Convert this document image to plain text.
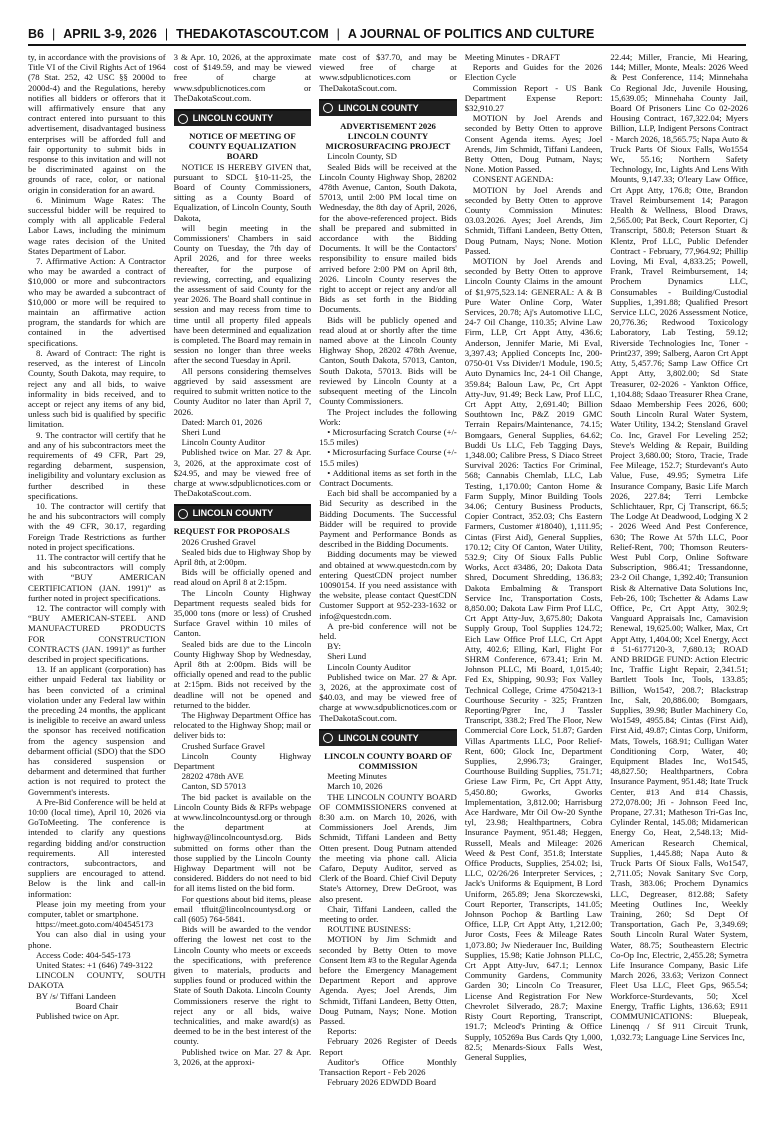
B6 | APRIL 3-9, 2026 | THEDAKOTASCOUT.COM | A JOURNAL OF POLITICS AND CULTURE

ty, in accordance with the provisions of Title VI of the Civil Rights Act of 1964 (78 Stat. 252, 42 USC §§ 2000d to 2000d-4) and the Regulations, hereby notifies all bidders or offerors that it will affirmatively ensure that any contract entered into pursuant to this advertisement, disadvantaged business enterprises will be afforded full and fair opportunity to submit bids in response to this invitation and will not be discriminated against on the grounds of race, color, or national origin in consideration for an award.

6. Minimum Wage Rates: The successful bidder will be required to comply with all applicable Federal Labor Laws, including the minimum wage rates decision of the United States Department of Labor.

7. Affirmative Action: A Contractor who may be awarded a contract of $10,000 or more and subcontractors who may be awarded a subcontract of $10,000 or more will be required to maintain an affirmative action program, the standards for which are contained in the advertised specifications.

8. Award of Contract: The right is reserved, as the interest of Lincoln County, South Dakota, may require, to reject any and all bids, to waive informality in bids received, and to accept or reject any items of any bid, unless such bid is qualified by specific limitation.

9. The contractor will certify that he and any of his subcontractors meet the requirements of 49 CFR, Part 29, regarding debarment, suspension, ineligibility and voluntary exclusion as further described in these specifications.

10. The contractor will certify that he and his subcontractors will comply with the 49 CFR, 30.17, regarding Foreign Trade Restrictions as further noted in project specifications.

11. The contractor will certify that he and his subcontractors will comply with “BUY AMERICAN CERTIFICATION (JAN. 1991)” as further noted in project specifications.

12. The contractor will comply with “BUY AMERICAN-STEEL AND MANUFACTURED PRODUCTS FOR CONSTRUCTION CONTRACTS (JAN. 1991)” as further described in project specifications.

13. If an applicant (corporation) has either unpaid Federal tax liability or has been convicted of a criminal violation under any Federal law within the preceding 24 months, the applicant is ineligible to receive an award unless the sponsor has received notification from the agency suspension and debarment official (SDO) that the SDO has considered suspension or debarment and determined that further action is not required to protect the Government's interests.

A Pre-Bid Conference will be held at 10:00 (local time), April 10, 2026 via GoToMeeting. The conference is intended to clarify any questions regarding bidding and/or construction requirements. All interested contractors, subcontractors, and suppliers are encouraged to attend. Below is the link and call-in information:

Please join my meeting from your computer, tablet or smartphone.

https://meet.goto.com/404545173

You can also dial in using your phone.

Access Code: 404-545-173

United States: +1 (646) 749-3122

LINCOLN COUNTY, SOUTH DAKOTA

BY /s/ Tiffani Landeen

Board Chair

Published twice on Apr.

3 & Apr. 10, 2026, at the approximate cost of $149.59, and may be viewed free of charge at www.sdpublicnotices.com or TheDakotaScout.com.

LINCOLN COUNTY

NOTICE OF MEETING OF COUNTY EQUALIZATION BOARD

NOTICE IS HEREBY GIVEN that, pursuant to SDCL §10-11-25, the Board of County Commissioners, sitting as a County Board of Equalization, of Lincoln County, South Dakota,

will begin meeting in the Commissioners' Chambers in said County on Tuesday, the 7th day of April 2026, and for three weeks thereafter, for the purpose of reviewing, correcting, and equalizing the assessment of said County for the year 2026. The Board shall continue in session and may recess from time to time until all property filed appeals have been determined and equalization is completed. The Board may remain in session no longer than three weeks after the second Tuesday in April.

All persons considering themselves aggrieved by said assessment are required to submit written notice to the County Auditor no later than April 7, 2026.

Dated: March 01, 2026

Sheri Lund

Lincoln County Auditor

Published twice on Mar. 27 & Apr. 3, 2026, at the approximate cost of $24.95, and may be viewed free of charge at www.sdpublicnotices.com or TheDakotaScout.com.

LINCOLN COUNTY

REQUEST FOR PROPOSALS

2026 Crushed Gravel

Sealed bids due to Highway Shop by April 8th, at 2:00pm.

Bids will be officially opened and read aloud on April 8 at 2:15pm.

The Lincoln County Highway Department requests sealed bids for 35,000 tons (more or less) of Crushed Surface Gravel within 10 miles of Canton.

Sealed bids are due to the Lincoln County Highway Shop by Wednesday, April 8th at 2:00pm. Bids will be officially opened and read to the public at 2:15pm. Bids not received by the deadline will not be opened and returned to the bidder.

The Highway Department Office has relocated to the Highway Shop; mail or deliver bids to:

Crushed Surface Gravel

Lincoln County Highway Department

28202 478th AVE

Canton, SD 57013

The bid packet is available on the Lincoln County Bids & RFPs webpage at www.lincolncountysd.org or through the department at highway@lincolncountysd.org. Bids submitted on forms other than the those supplied by the Lincoln County Highway Department will not be considered. Bidders do not need to bid for all items listed on the bid form.

For questions about bid items, please email tfluit@lincolncountysd.org or call (605) 764-5841.

Bids will be awarded to the vendor offering the lowest net cost to the Lincoln County who meets or exceeds the specifications, with preference given to materials, products and supplies found or produced within the State of South Dakota. Lincoln County Commissioners reserve the right to reject any or all bids, waive technicalities, and make award(s) as deemed to be in the best interest of the county.

Published twice on Mar. 27 & Apr. 3, 2026, at the approxi-

mate cost of $37.70, and may be viewed free of charge at www.sdpublicnotices.com or TheDakotaScout.com.

LINCOLN COUNTY

ADVERTISEMENT 2026 LINCOLN COUNTY MICROSURFACING PROJECT

Lincoln County, SD

Sealed Bids will be received at the Lincoln County Highway Shop, 28202 478th Avenue, Canton, South Dakota, 57013, until 2:00 PM local time on Wednesday, the 8th day of April, 2026, for the above-referenced project. Bids shall be prepared and submitted in accordance with the Bidding Documents. It will be the Contactors' responsibility to ensure mailed bids arrived before 2:00 PM on April 8th, 2026. Lincoln County reserves the right to accept or reject any and/or all Bids as set forth in the Bidding Documents.

Bids will be publicly opened and read aloud at or shortly after the time named above at the Lincoln County Highway Shop, 28202 478th Avenue, Canton, South Dakota, 57013, Canton, South Dakota, 57013. Bids will be reviewed by Lincoln County at a subsequent meeting of the Lincoln County Commissioners.

The Project includes the following Work:

• Microsurfacing Scratch Course (+/- 15.5 miles)

• Microsurfacing Surface Course (+/- 15.5 miles)

• Additional items as set forth in the Contract Documents.

Each bid shall be accompanied by a Bid Security as described in the Bidding Documents. The Successful Bidder will be required to provide Payment and Performance Bonds as described in the Bidding Documents.

Bidding documents may be viewed and obtained at www.questcdn.com by entering QuestCDN project number 10090154. If you need assistance with the website, please contact QuestCDN Customer Support at 952-233-1632 or info@questcdn.com.

A pre-bid conference will not be held.

BY:

Sheri Lund

Lincoln County Auditor

Published twice on Mar. 27 & Apr. 3, 2026, at the approximate cost of $40.03, and may be viewed free of charge at www.sdpublicnotices.com or TheDakotaScout.com.

LINCOLN COUNTY

LINCOLN COUNTY BOARD OF COMMISSION

Meeting Minutes

March 10, 2026

THE LINCOLN COUNTY BOARD OF COMMISSIONERS convened at 8:30 a.m. on March 10, 2026, with Commissioners Joel Arends, Jim Schmidt, Tiffani Landeen and Betty Otten present. Doug Putnam attended the meeting via phone call. Alicia Cafaro, Deputy Auditor, served as Clerk of the Board. Chief Civil Deputy State's Attorney, Drew DeGroot, was also present.

Chair, Tiffani Landeen, called the meeting to order.

ROUTINE BUSINESS:

MOTION by Jim Schmidt and seconded by Betty Otten to move Consent Item #3 to the Regular Agenda before the Emergency Management Department Report and approve Agenda. Ayes; Joel Arends, Jim Schmidt, Tiffani Landeen, Betty Otten, Doug Putnam, Nays; None. Motion Passed.

Reports:

February 2026 Register of Deeds Report

Auditor's Office Monthly Transaction Report - Feb 2026

February 2026 EDWDD Board

Meeting Minutes - DRAFT

Reports and Guides for the 2026 Election Cycle

Commission Report - US Bank Department Expense Report: $32,910.27

MOTION by Joel Arends and seconded by Betty Otten to approve Consent Agenda items. Ayes; Joel Arends, Jim Schmidt, Tiffani Landeen, Betty Otten, Doug Putnam, Nays; None. Motion Passed.

CONSENT AGENDA:

MOTION by Joel Arends and seconded by Betty Otten to approve County Commission Minutes: 03.03.2026. Ayes; Joel Arends, Jim Schmidt, Tiffani Landeen, Betty Otten, Doug Putnam, Nays; None. Motion Passed.

MOTION by Joel Arends and seconded by Betty Otten to approve Lincoln County Claims in the amount of $1,975,523.14: GENERAL: A & B Pure Water Online Corp, Water Services, 20.78; Aj's Automotive LLC, 24-7 Oil Change, 110.35; Alvine Law Firm, LLP, Crt Appt Atty, 436.6; Anderson, Jennifer Marie, Mi Eval, 3,397.43; Applied Concepts Inc, 200-0750-01 Vss Divider/1 Module, 190.5; Auto Dynamics Inc, 24-1 Oil Change, 359.84; Baloun Law, Pc, Crt Appt Atty-Juv, 91.49; Beck Law, Prof LLC, Crt Appt Atty, 2,691.40; Billion Southtown Inc, P&Z 2019 GMC Terrain Repairs/Maintenance, 74.15; Bomgaars, General Supplies, 64.62; Buddi Us LLC, Feb Tagging Days, 1,348.00; Calibre Press, S Diaco Street Survival 2026: Tactics For Criminal, 568; Cannabis Chemlab, LLC, Lab Testing, 1,170.00; Canton Home & Farm Supply, Minor Building Tools 34.06; Century Business Products, Copier Contract, 352.03; Chs Eastern Farmers, Customer #18040), 1,111.95; Cintas (First Aid), General Supplies, 170.12; City Of Canton, Water Utility, 532.9; City Of Sioux Falls Public Works, Acct #3486, 20; Dakota Data Shred, Document Shredding, 136.83; Dakota Embalming & Transport Service Inc, Transportation Costs, 8,850.00; Dakota Law Firm Prof LLC, Crt Appt Atty-Juv, 3,675.80; Dakota Supply Group, Tool Supplies 124.72; Eich Law Office Prof LLC, Crt Appt Atty, 402.6; Elling, Karl, Flight For SHRM Conference, 673.41; Erin M. Johnson PLLC, Mi Board, 1,015.40; Fed Ex, Shipping, 90.93; Fox Valley Technical College, Crime 47504213-1 Courthouse Security - 325; Frantzen Reporting/Pgrer Inc, J Tassler Transcript, 338.2; Fred The Floor, New Commercial Core Lock, 51.87; Garden Villas Apartments LLC, Poor Relief-Rent, 600; Glock Inc, Department Supplies, 2,996.73; Grainger, Courthouse Building Supplies, 751.71; Griese Law Firm, Pc, Crt Appt Atty, 5,450.80; Gworks, Gworks Implementation, 3,812.00; Harrisburg Ace Hardware, Mtr Oil Ow-20 Synthe tyl, 23.98; Healthpartners, Cobra Insurance Payment, 951.48; Heggen, Russell, Meals and Mileage: 2026 Weed & Pest Conf, 351.8; Interstate Office Products, Supplies, 254.02; Isi, LLC, 02/26/26 Interpreter Services, ; Jack's Uniforms & Equipment, B Lord Uniform, 265.89; Jena Skorczewski, Court Reporter, Transcripts, 141.05; Johnson Pochop & Bartling Law Office, LLP, Crt Appt Atty, 1,212.00; Juror Costs, Fees & Mileage Rates 1,073.80; Jw Niederauer Inc, Building Supplies, 15.98; Katie Johnson PLLC, Crt Appt Atty-Juv, 647.1; Lennox Community Gardens, Community Garden 30; Lincoln Co Treasurer, License And Registration For New Chevrolet Silverado, 28.7; Maxine Risty Court Reporting, Transcript, 191.7; Mcleod's Printing & Office Supply, 105269a Bus Cards Qty 1,000, 82.5; Menards-Sioux Falls West, General Supplies,

22.44; Miller, Francie, Mi Hearing, 144; Miller, Monte, Meals: 2026 Weed & Pest Conference, 114; Minnehaha Co Regional Jdc, Juvenile Housing, 15,639.05; Minnehaha County Jail, Board Of Prisoners Linc Co 02-2026 Housing Contract, 167,322.04; Myers Billion, LLP, Indigent Persons Contract - March 2026, 18,565.75; Napa Auto & Truck Parts Of Sioux Falls, Wo1554 Wc, 55.16; Northern Safety Technology, Inc, Lights And Lens With Mounts, 9,147.33; O'leary Law Office, Crt Appt Atty, 176.8; Otte, Brandon Travel Reimbursement 14; Paragon Health & Wellness, Blood Draws, 2,565.00; Pat Beck, Court Reporter, Cj Transcript, 580.8; Peterson Stuart & Klentz, Prof LLC, Public Defender Contract - February, 77,964.92; Phillip Loving, Mi Eval, 4,833.25; Powell, Frank, Travel Reimbursement, 14; Prochem Dynamics LLC, Consumables - Building/Custodial Supplies, 1,391.88; Qualified Presort Service LLC, 2026 Assessment Notice, 20,776.36; Redwood Toxicology Laboratory, Lab Testing, 59.12; Riverside Technologies Inc, Toner - Print237, 399; Salberg, Aaron Crt Appt Atty, 5,457.76; Samp Law Office Crt Appt Atty, 3,802.00; Sd State Treasurer, 02-2026 - Yankton Office, 1,104.88; Sdaao Treasurer Rhea Crane, Sdaao Membership Fees 2026, 600; South Lincoln Rural Water System, Water Utility, 134.2; Stensland Gravel Co. Inc, Gravel For Leveling 252; Steve's Welding & Repair, Building Project 3,680.00; Storo, Tracie, Trade Fee Mileage, 152.7; Sturdevant's Auto Value, Fuse, 49.95; Symetra Life Insurance Company, Basic Life March 2026, 227.84; Terri Lembcke Schlichtauer, Rpr, Cj Transcript, 66.5; The Lodge At Deadwood, Lodging X 2 - 2026 Weed And Pest Conference, 630; The Rowe At 57th LLC, Poor Relief-Rent, 700; Thomson Reuters-West Publ Corp, Online Software Subscription, 986.41; Tressandonne, 23-2 Oil Change, 1,392.40; Transunion Risk & Alternative Data Solutions Inc, Feb-26, 100; Tschetter & Adams Law Office, Pc, Crt Appt Atty, 302.9; Vanguard Appraisals Inc, Camavision Renewal, 19,625.00; Walker, Max, Crt Appt Atty, 1,404.00; Xcel Energy, Acct # 51-6177120-3, 7,680.13; ROAD AND BRIDGE FUND: Action Electric Inc, Traffic Light Repair, 2,341.51; Bartlett Tools Inc, Tools, 133.85; Billion, Wo154?, 208.7; Blackstrap Inc, Salt, 20,886.00; Bomgaars, Supplies, 39.98; Butler Machinery Co, Wo1549, 4955.84; Cintas (First Aid), First Aid, 49.87; Cintas Corp, Uniform, Mats, Towels, 168.91; Culligan Water Conditioning Corp, Water, 40; Equipment Blades Inc, Wo1545, 48,827.50; Healthpartners, Cobra Insurance Payment, 951.48; Itate Truck Center, #13 And #14 Chassis, 272,078.00; Jfi - Johnson Feed Inc, Propane, 27.31; Matheson Tri-Gas Inc, Cylinder Rental, 145.08; Midamerican Energy Co, Heat, 2,548.13; Mid-American Research Chemical, Supplies, 1,445.88; Napa Auto & Truck Parts Of Sioux Falls, Wo1547, 2,711.05; Novak Sanitary Svc Corp, Trash, 383.06; Prochem Dynamics LLC, Degreaser, 812.88; Safety Meeting Outlines Inc, Weekly Training, 260; Sd Dept Of Transportation, Gach Pe, 3,349.69; South Lincoln Rural Water System, Water, 88.75; Southeastern Electric Co-Op Inc, Electric, 2,455.28; Symetra Life Insurance Company, Basic Life March 2026, 33.63; Verizon Connect Fleet Usa LLC, Fleet Gps, 965.54; Workforce-Sturdevants, 50; Xcel Energy, Traffic Lights, 136.63; E911 COMMUNICATIONS: Bluepeak, Linenqq / Sf 911 Circuit Trunk, 1,032.73; Language Line Services Inc,
